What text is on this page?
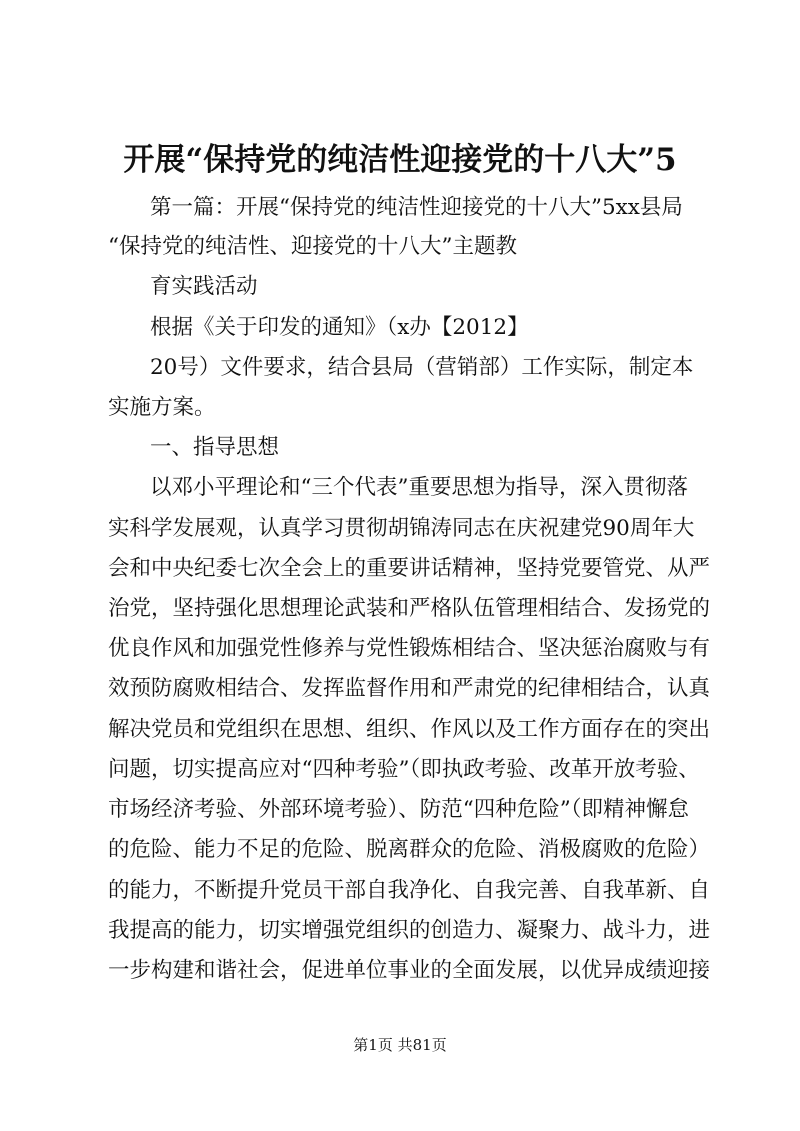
开展“保持党的纯洁性迎接党的十八大”5
第一篇：开展“保持党的纯洁性迎接党的十八大”5xx县局
“保持党的纯洁性、迎接党的十八大”主题教
育实践活动
根据《关于印发的通知》（x办【2012】
20号）文件要求，结合县局（营销部）工作实际，制定本
实施方案。
一、指导思想
以邓小平理论和“三个代表”重要思想为指导，深入贯彻落
实科学发展观，认真学习贯彻胡锦涛同志在庆祝建党90周年大
会和中央纪委七次全会上的重要讲话精神，坚持党要管党、从严
治党，坚持强化思想理论武装和严格队伍管理相结合、发扬党的
优良作风和加强党性修养与党性锻炼相结合、坚决惩治腐败与有
效预防腐败相结合、发挥监督作用和严肃党的纪律相结合，认真
解决党员和党组织在思想、组织、作风以及工作方面存在的突出
问题，切实提高应对“四种考验”（即执政考验、改革开放考验、
市场经济考验、外部环境考验）、防范“四种危险”（即精神懈怠
的危险、能力不足的危险、脱离群众的危险、消极腐败的危险）
的能力，不断提升党员干部自我净化、自我完善、自我革新、自
我提高的能力，切实增强党组织的创造力、凝聚力、战斗力，进
一步构建和谐社会，促进单位事业的全面发展，以优异成绩迎接
第1页 共81页
